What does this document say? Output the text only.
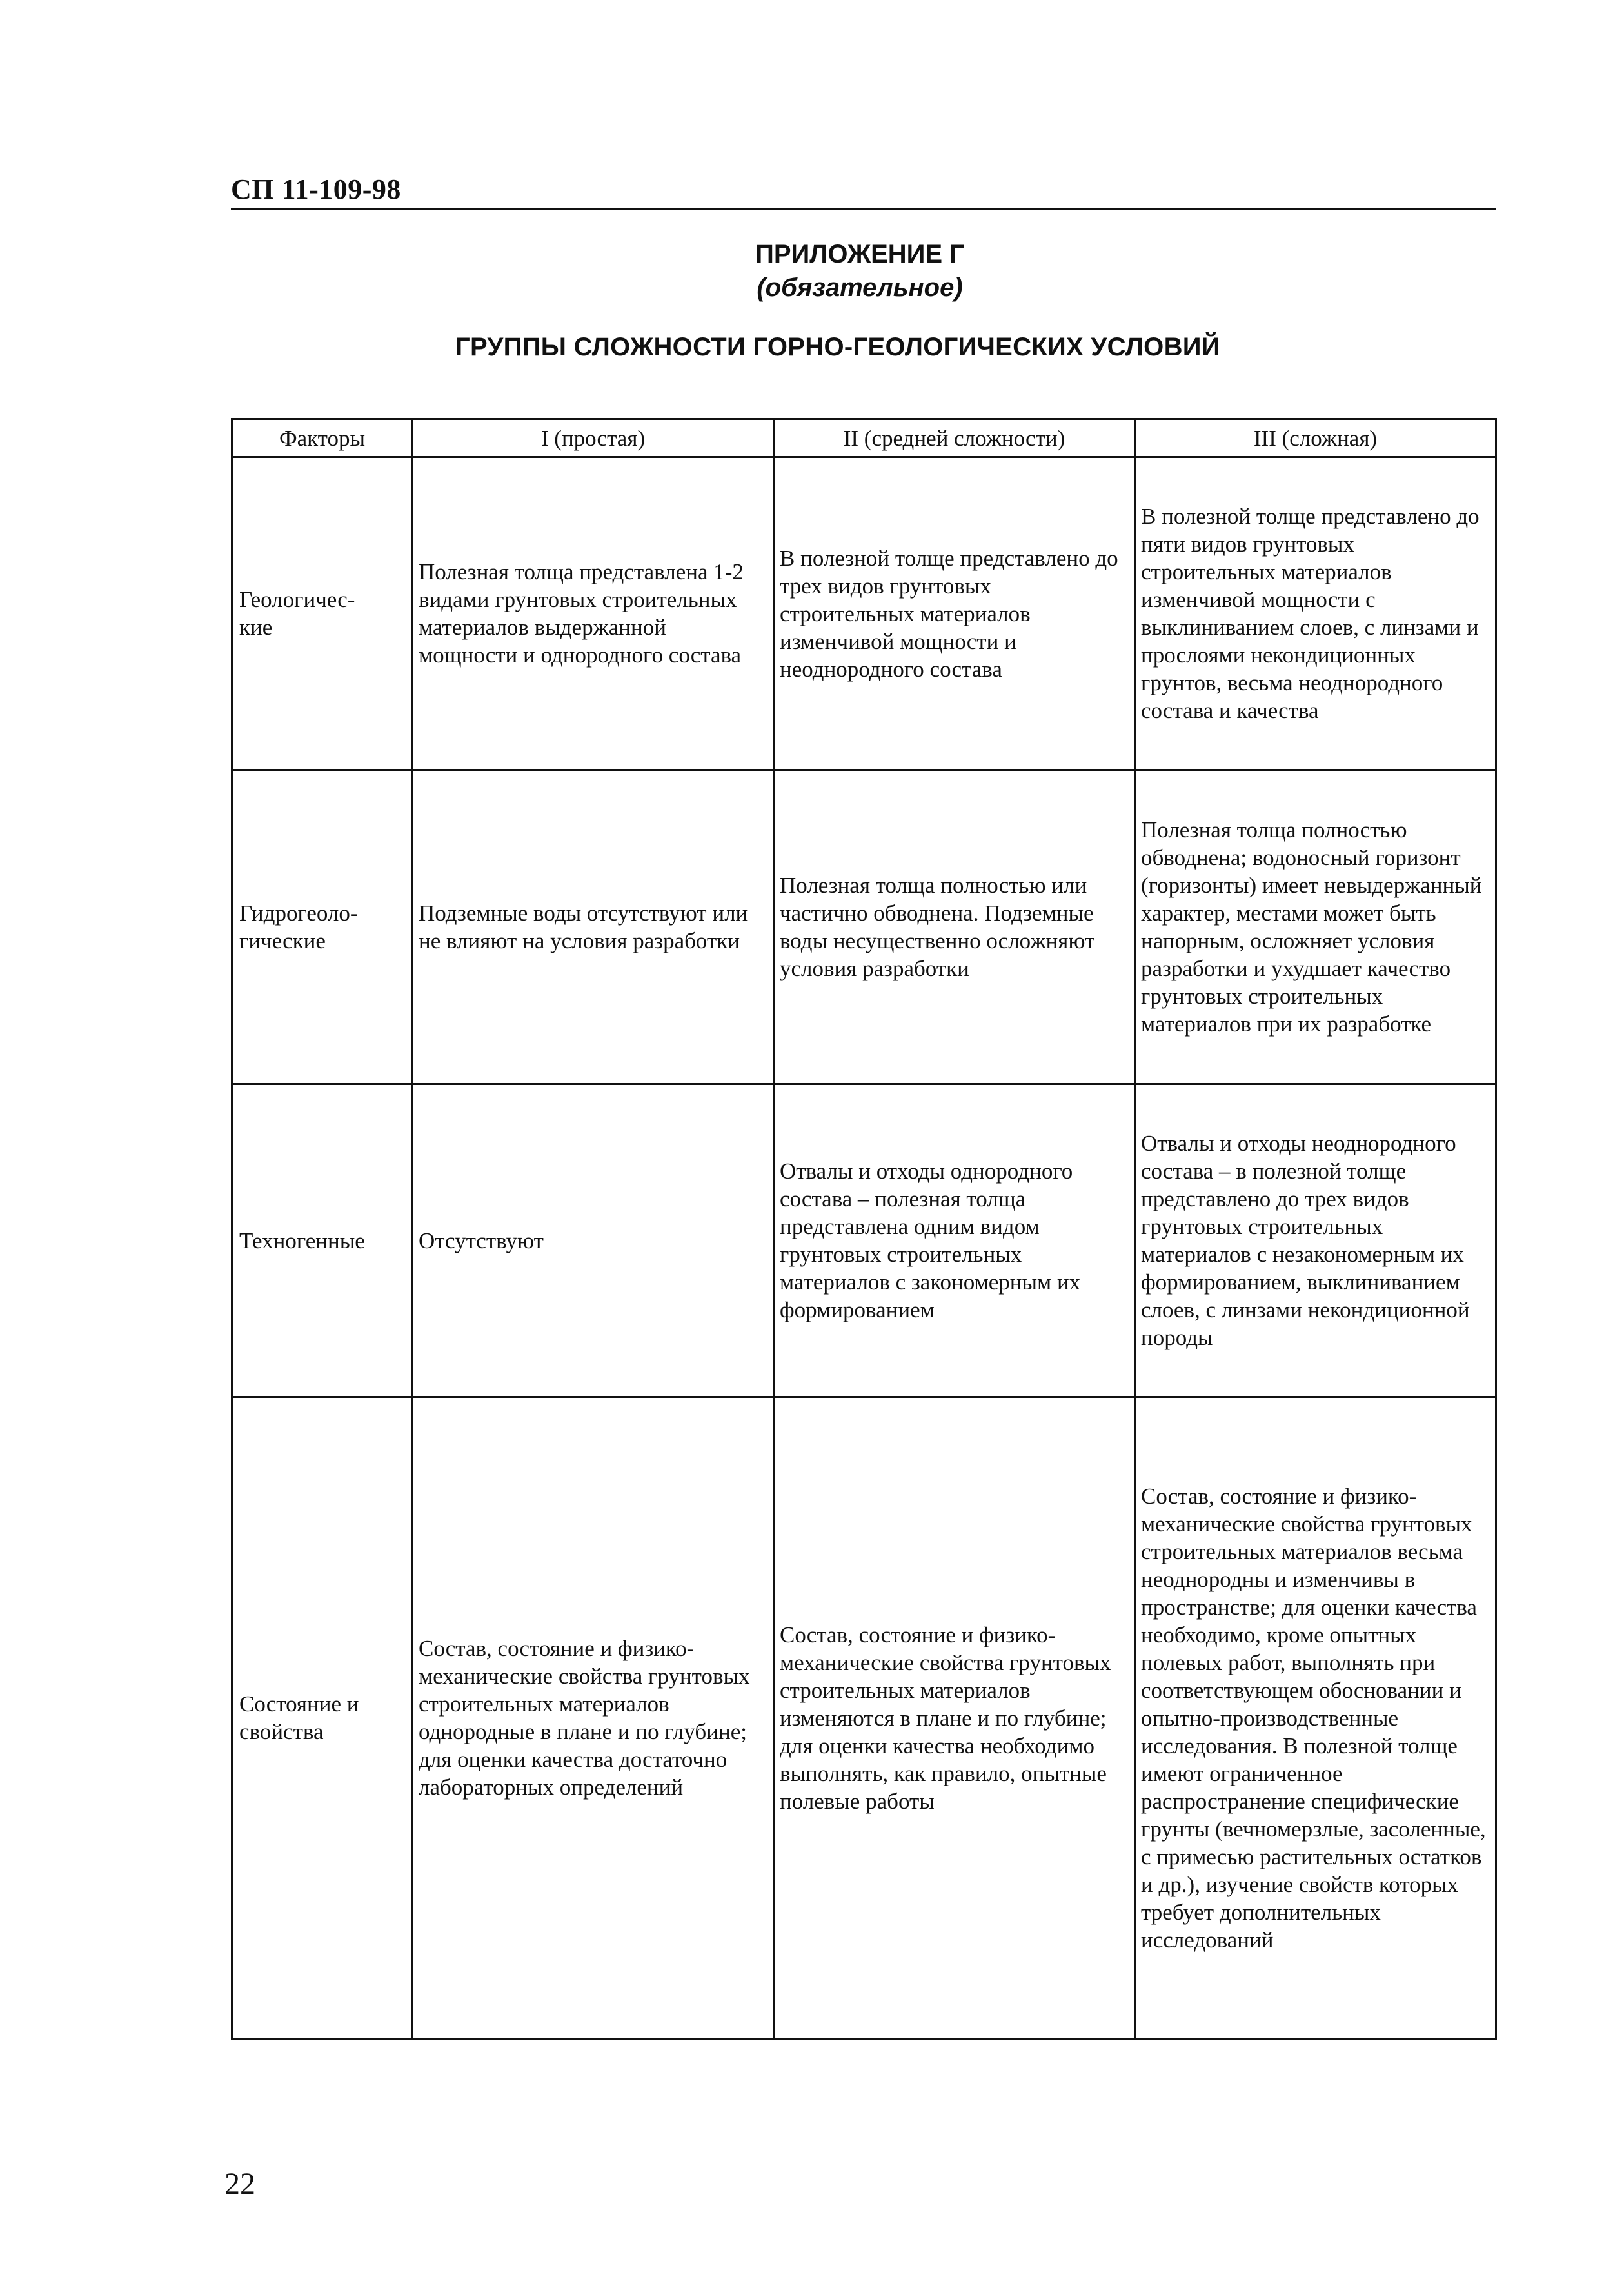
СП 11-109-98
ПРИЛОЖЕНИЕ Г
(обязательное)
ГРУППЫ СЛОЖНОСТИ ГОРНО-ГЕОЛОГИЧЕСКИХ УСЛОВИЙ
Факторы	I (простая)	II (средней сложности)	III (сложная)
Геологичес-
кие	Полезная толща представлена 1-2 видами грунтовых строительных материалов выдержанной мощности и однородного состава	В полезной толще представлено до трех видов грунтовых строительных материалов изменчивой мощности и неоднородного состава	В полезной толще представлено до пяти видов грунтовых строительных материалов изменчивой мощности с выклиниванием слоев, с линзами и прослоями некондиционных грунтов, весьма неоднородного состава и качества
Гидрогеоло-
гические	Подземные воды отсутствуют или не влияют на условия разработки	Полезная толща полностью или частично обводнена. Подземные воды несущественно осложняют условия разработки	Полезная толща полностью обводнена; водоносный горизонт (горизонты) имеет невыдержанный характер, местами может быть напорным, осложняет условия разработки и ухудшает качество грунтовых строительных материалов при их разработке
Техногенные	Отсутствуют	Отвалы и отходы однородного состава – полезная толща представлена одним видом грунтовых строительных материалов с закономерным их формированием	Отвалы и отходы неоднородного состава – в полезной толще представлено до трех видов грунтовых строительных материалов с незакономерным их формированием, выклиниванием слоев, с линзами некондиционной породы
Состояние и
свойства	Состав, состояние и физико-механические свойства грунтовых строительных материалов однородные в плане и по глубине; для оценки качества достаточно лабораторных определений	Состав, состояние и физико-механические свойства грунтовых строительных материалов изменяются в плане и по глубине; для оценки качества необходимо выполнять, как правило, опытные полевые работы	Состав, состояние и физико-механические свойства грунтовых строительных материалов весьма неоднородны и изменчивы в пространстве; для оценки качества необходимо, кроме опытных полевых работ, выполнять при соответствующем обосновании и опытно-производственные исследования. В полезной толще имеют ограниченное распространение специфические грунты (вечномерзлые, засоленные, с примесью растительных остатков и др.), изучение свойств которых требует дополнительных исследований
22
